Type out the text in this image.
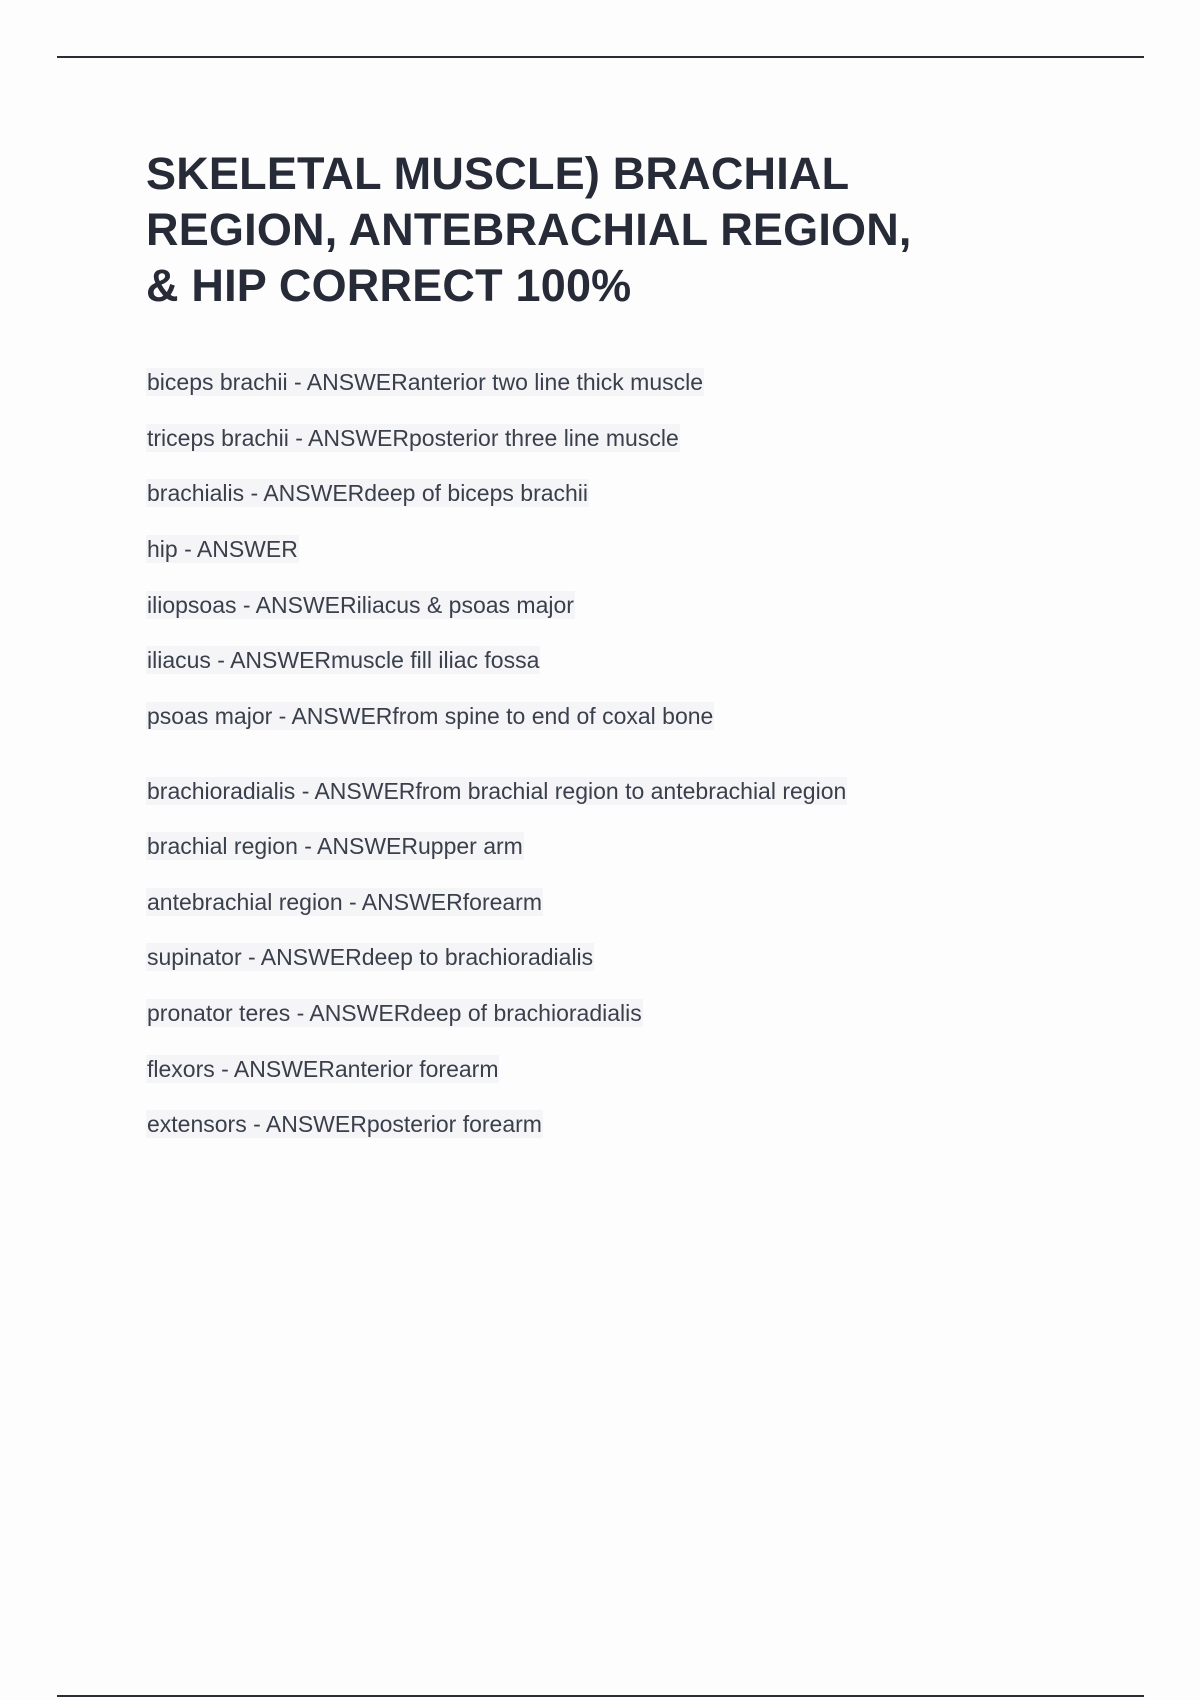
SKELETAL MUSCLE) BRACHIAL
REGION, ANTEBRACHIAL REGION,
& HIP CORRECT 100%
biceps brachii - ANSWERanterior two line thick muscle
triceps brachii - ANSWERposterior three line muscle
brachialis - ANSWERdeep of biceps brachii
hip - ANSWER
iliopsoas - ANSWERiliacus & psoas major
iliacus - ANSWERmuscle fill iliac fossa
psoas major - ANSWERfrom spine to end of coxal bone
brachioradialis - ANSWERfrom brachial region to antebrachial region
brachial region - ANSWERupper arm
antebrachial region - ANSWERforearm
supinator - ANSWERdeep to brachioradialis
pronator teres - ANSWERdeep of brachioradialis
flexors - ANSWERanterior forearm
extensors - ANSWERposterior forearm
